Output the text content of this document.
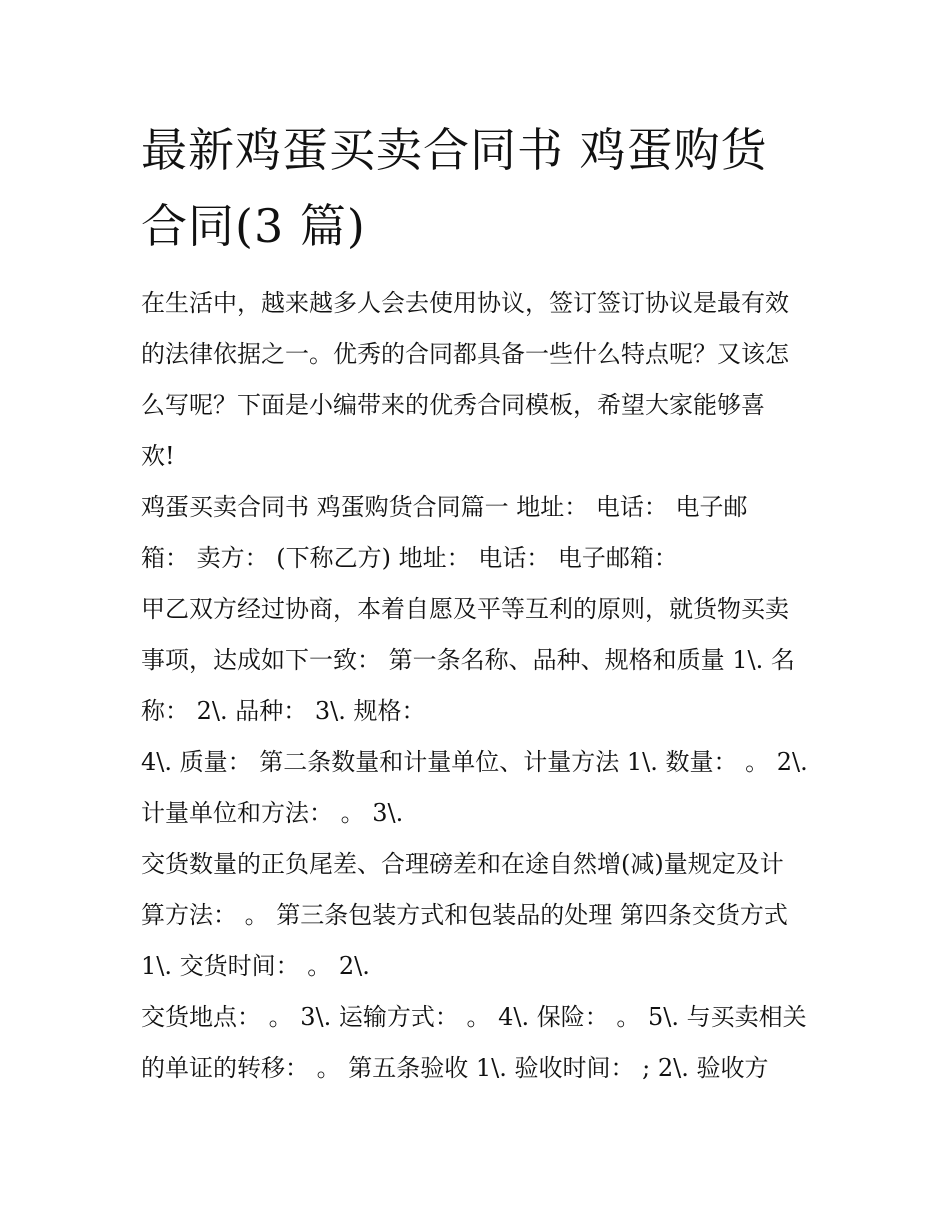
最新鸡蛋买卖合同书 鸡蛋购货
合同(3 篇)

在生活中，越来越多人会去使用协议，签订签订协议是最有效
的法律依据之一。优秀的合同都具备一些什么特点呢？又该怎
么写呢？下面是小编带来的优秀合同模板，希望大家能够喜
欢!

鸡蛋买卖合同书 鸡蛋购货合同篇一 地址： 电话： 电子邮
箱： 卖方： (下称乙方) 地址： 电话： 电子邮箱：

甲乙双方经过协商，本着自愿及平等互利的原则，就货物买卖
事项，达成如下一致： 第一条名称、品种、规格和质量 1\. 名
称： 2\. 品种： 3\. 规格：

4\. 质量： 第二条数量和计量单位、计量方法 1\. 数量： 。 2\.
计量单位和方法： 。 3\.

交货数量的正负尾差、合理磅差和在途自然增(减)量规定及计
算方法： 。 第三条包装方式和包装品的处理 第四条交货方式
1\. 交货时间： 。 2\.

交货地点： 。 3\. 运输方式： 。 4\. 保险： 。 5\. 与买卖相关
的单证的转移： 。 第五条验收 1\. 验收时间： ; 2\. 验收方
